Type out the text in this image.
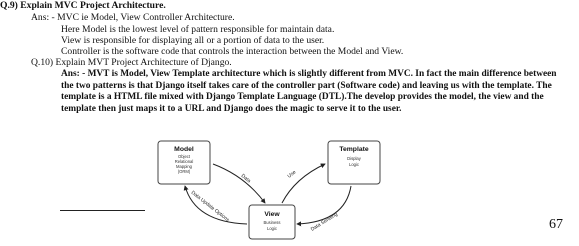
Q.9) Explain MVC Project Architecture.
Ans: - MVC ie Model, View Controller Architecture.
Here Model is the lowest level of pattern responsible for maintain data.
View is responsible for displaying all or a portion of data to the user.
Controller is the software code that controls the interaction between the Model and View.
Q.10) Explain MVT Project Architecture of Django.
Ans: - MVT is Model, View Template architecture which is slightly different from MVC. In fact the main difference between
the two patterns is that Django itself takes care of the controller part (Software code) and leaving us with the template. The
template is a HTML file mixed with Django Template Language (DTL).The develop provides the model, the view and the
template then just maps it to a URL and Django does the magic to serve it to the user.
Model
Object
Relational
Mapping
(ORM)
Template
Display
Logic
View
Business
Logic
Data	Use
Data Update Options	Data Sending	67
